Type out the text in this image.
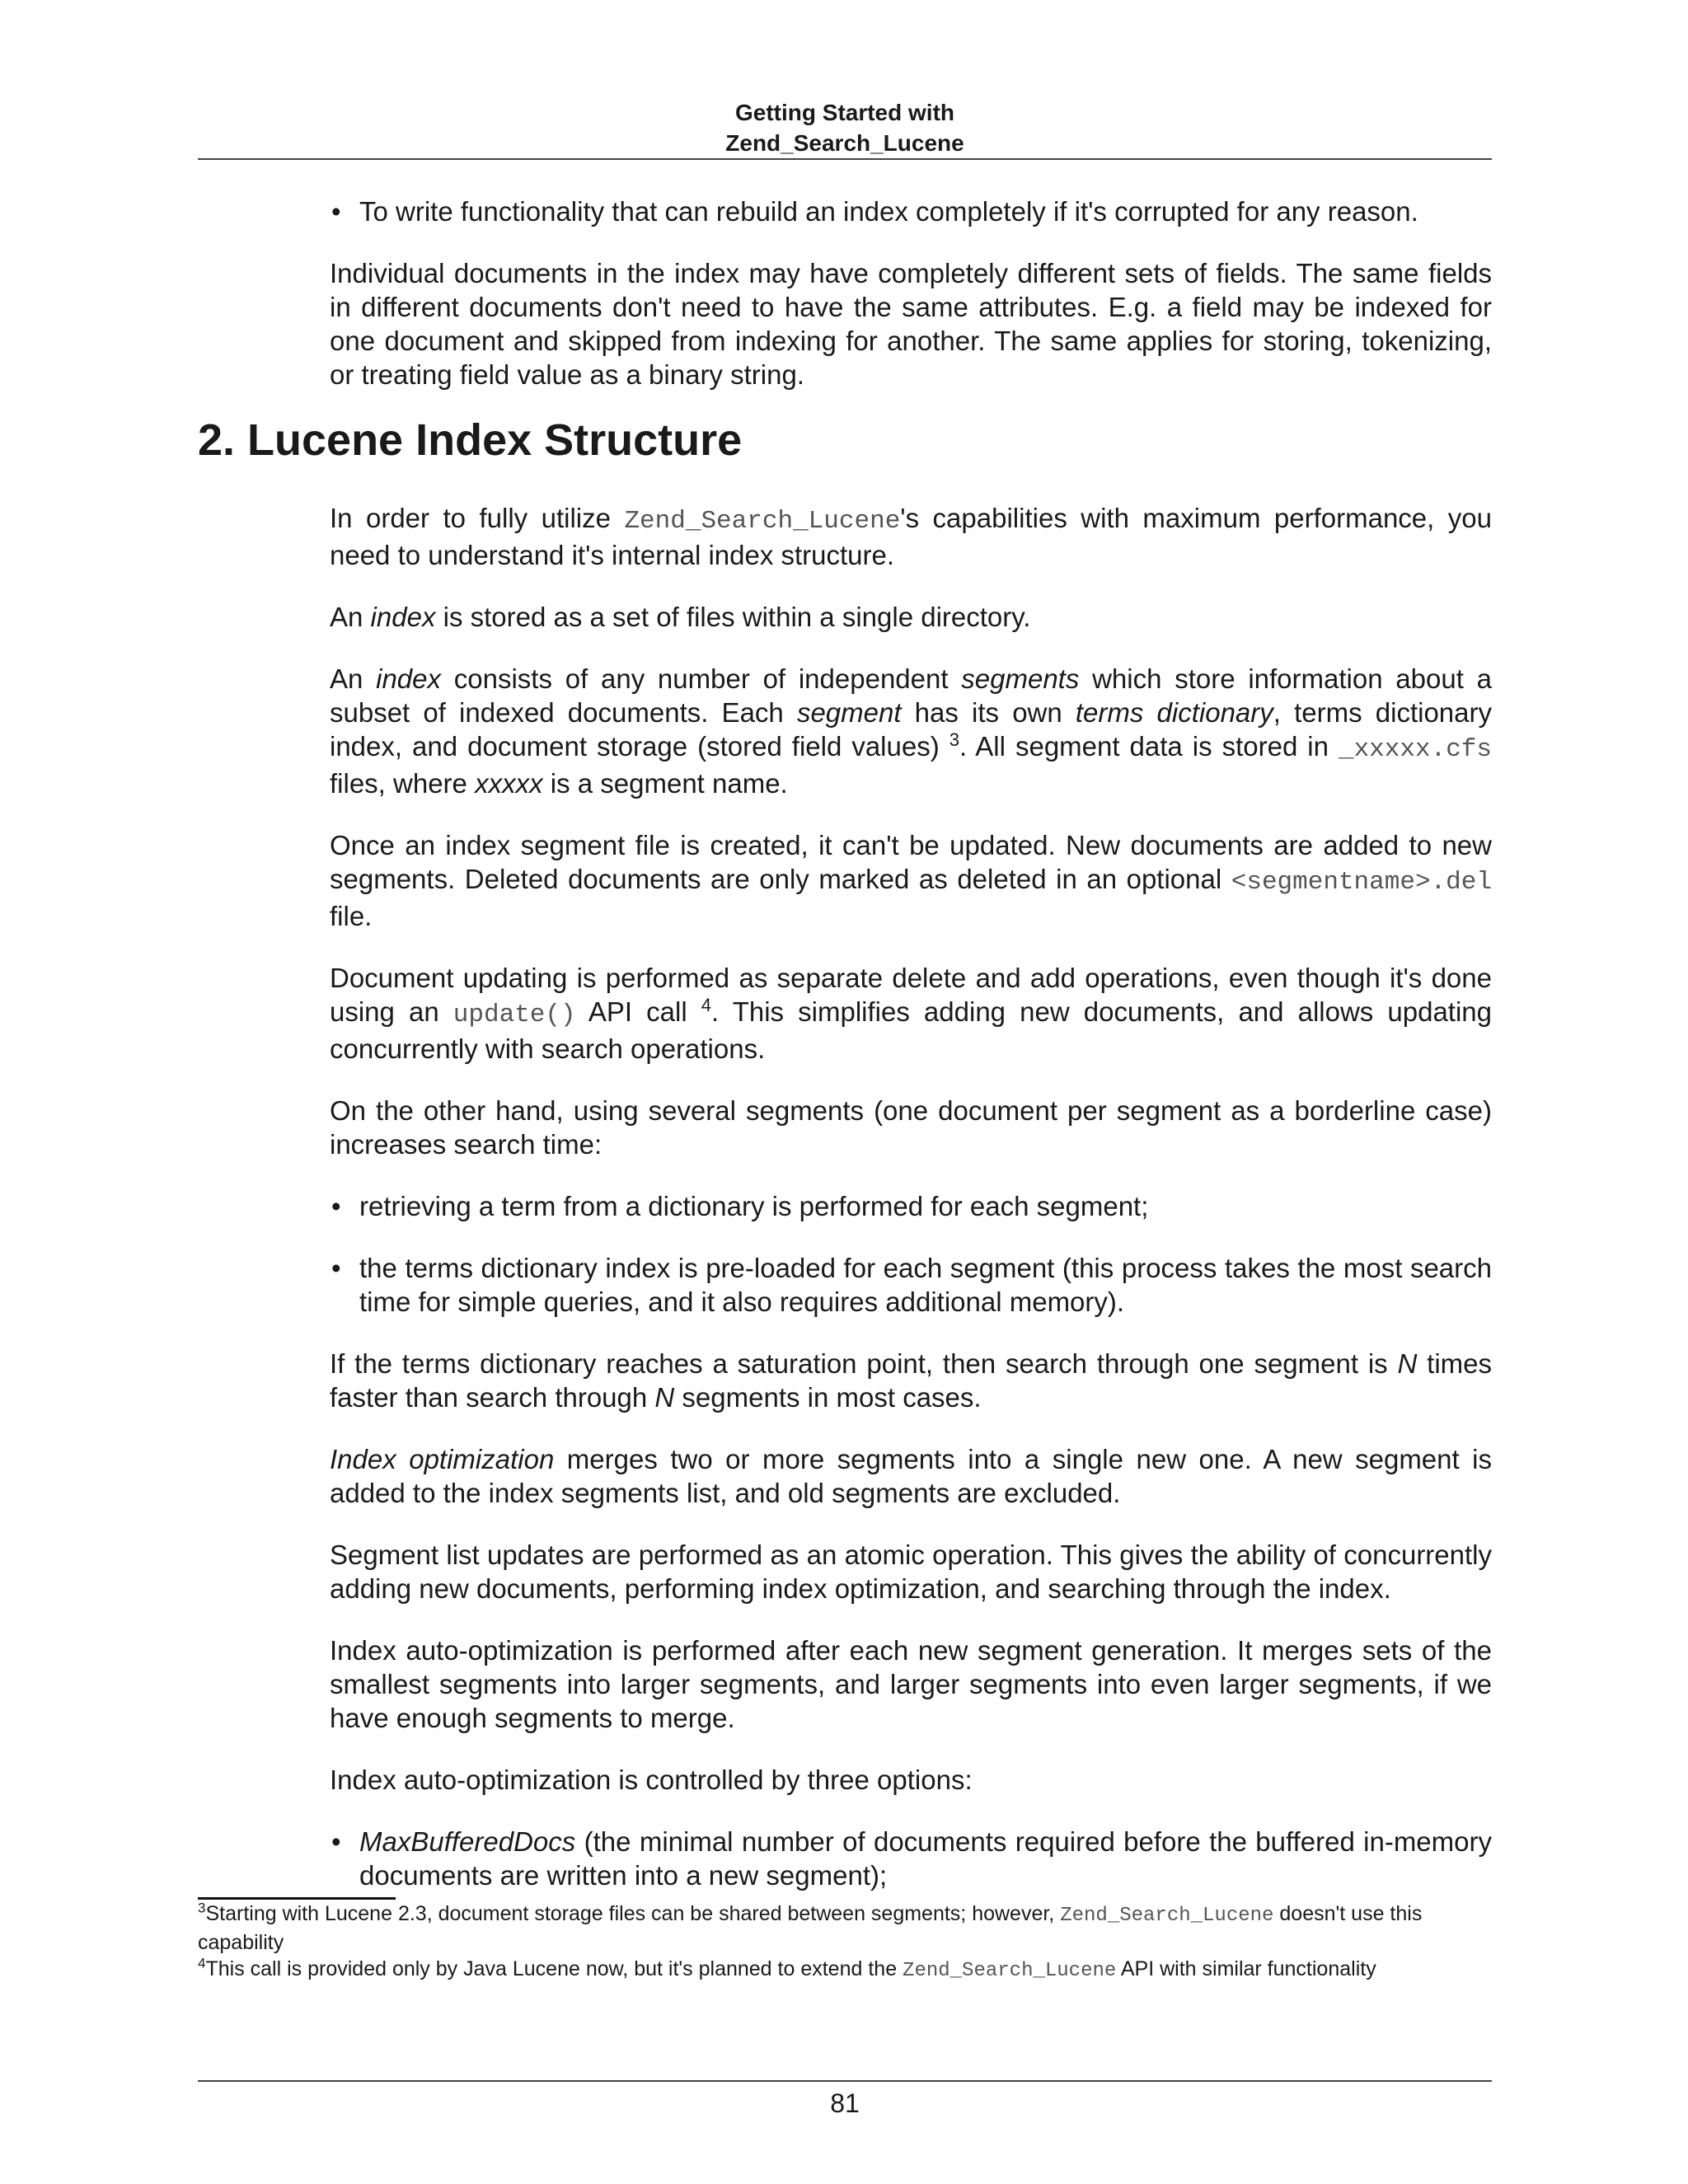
Getting Started with
Zend_Search_Lucene

• To write functionality that can rebuild an index completely if it's corrupted for any reason.

Individual documents in the index may have completely different sets of fields. The same fields in different documents don't need to have the same attributes. E.g. a field may be indexed for one document and skipped from indexing for another. The same applies for storing, tokenizing, or treating field value as a binary string.

2. Lucene Index Structure

In order to fully utilize Zend_Search_Lucene's capabilities with maximum performance, you need to understand it's internal index structure.

An index is stored as a set of files within a single directory.

An index consists of any number of independent segments which store information about a subset of indexed documents. Each segment has its own terms dictionary, terms dictionary index, and document storage (stored field values) $^3$. All segment data is stored in _xxxxx.cfs files, where xxxxx is a segment name.

Once an index segment file is created, it can't be updated. New documents are added to new segments. Deleted documents are only marked as deleted in an optional <segmentname>.del file.

Document updating is performed as separate delete and add operations, even though it's done using an update() API call $^4$. This simplifies adding new documents, and allows updating concurrently with search operations.

On the other hand, using several segments (one document per segment as a borderline case) increases search time:

• retrieving a term from a dictionary is performed for each segment;

• the terms dictionary index is pre-loaded for each segment (this process takes the most search time for simple queries, and it also requires additional memory).

If the terms dictionary reaches a saturation point, then search through one segment is N times faster than search through N segments in most cases.

Index optimization merges two or more segments into a single new one. A new segment is added to the index segments list, and old segments are excluded.

Segment list updates are performed as an atomic operation. This gives the ability of concurrently adding new documents, performing index optimization, and searching through the index.

Index auto-optimization is performed after each new segment generation. It merges sets of the smallest segments into larger segments, and larger segments into even larger segments, if we have enough segments to merge.

Index auto-optimization is controlled by three options:

• MaxBufferedDocs (the minimal number of documents required before the buffered in-memory documents are written into a new segment);

$^3$Starting with Lucene 2.3, document storage files can be shared between segments; however, Zend_Search_Lucene doesn't use this capability

$^4$This call is provided only by Java Lucene now, but it's planned to extend the Zend_Search_Lucene API with similar functionality

81
